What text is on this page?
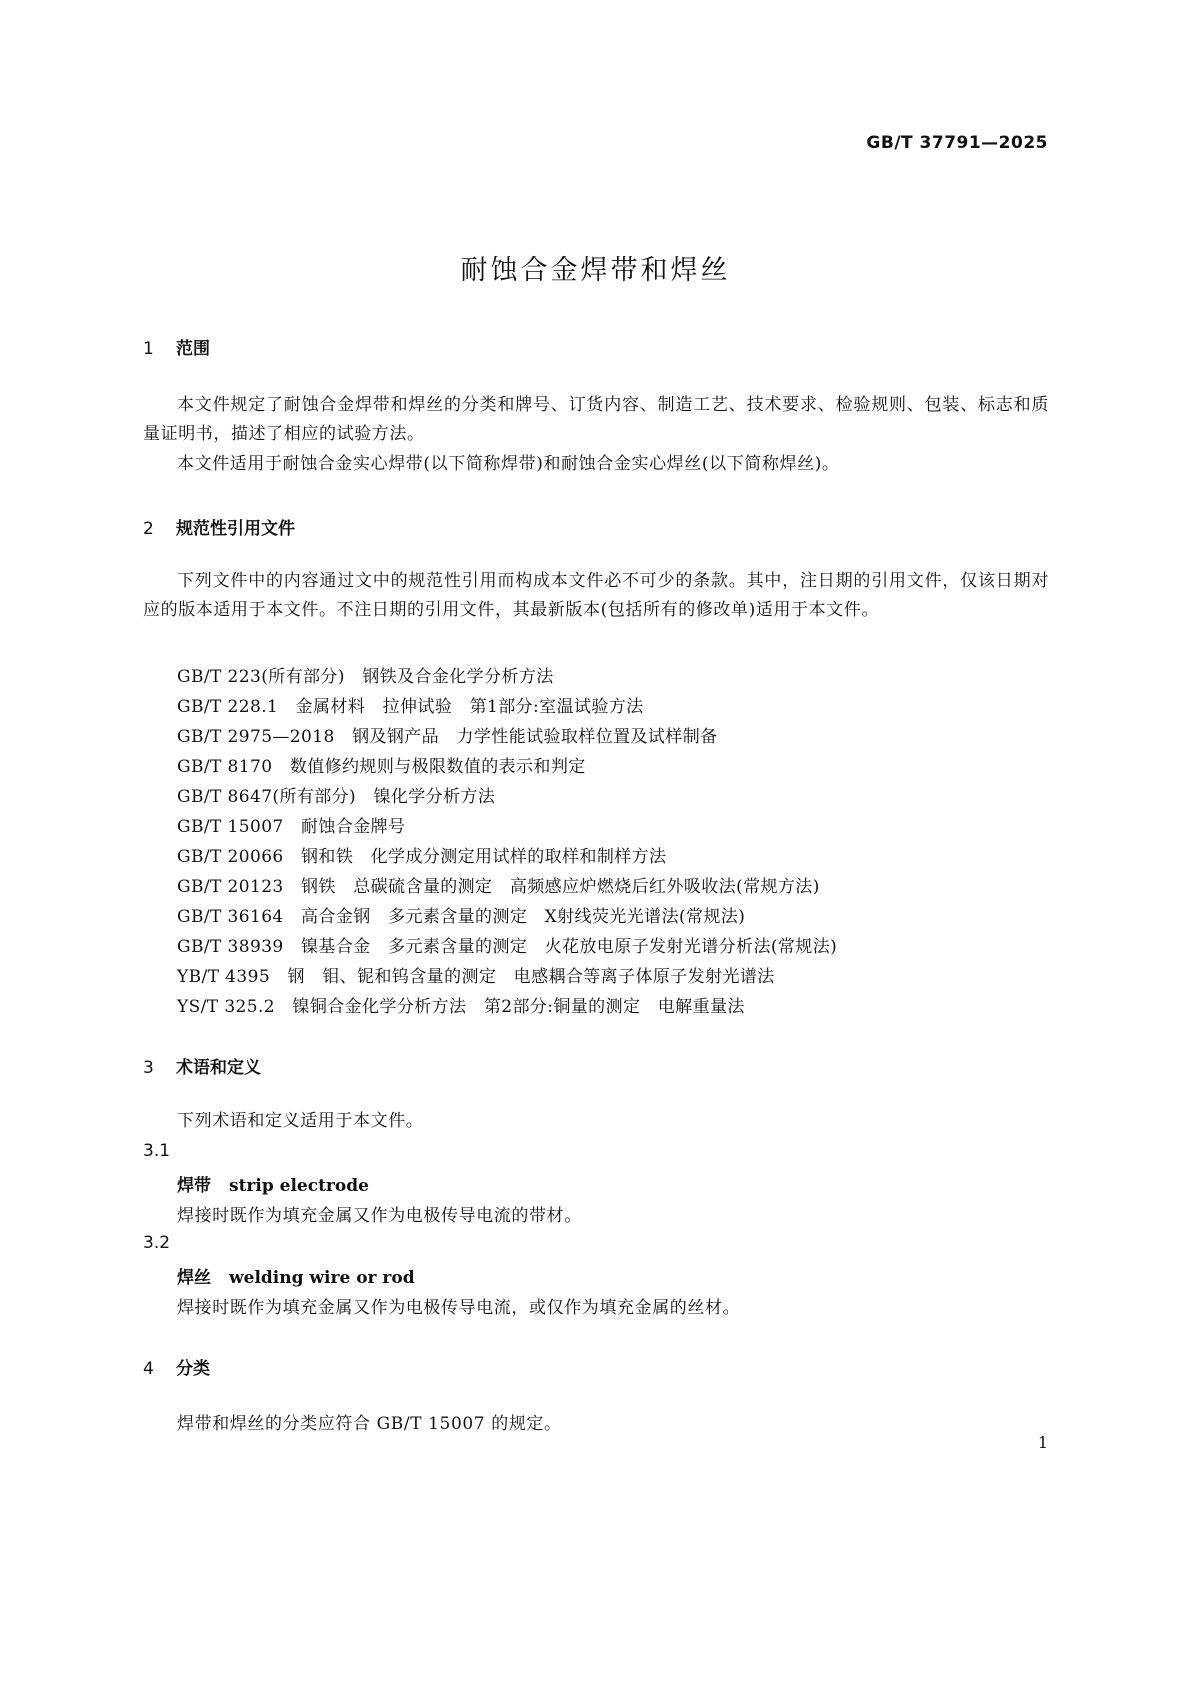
GB/T 37791—2025
耐蚀合金焊带和焊丝
1 范围

本文件规定了耐蚀合金焊带和焊丝的分类和牌号、订货内容、制造工艺、技术要求、检验规则、包装、标志和质量证明书，描述了相应的试验方法。

本文件适用于耐蚀合金实心焊带(以下简称焊带)和耐蚀合金实心焊丝(以下简称焊丝)。

2 规范性引用文件

下列文件中的内容通过文中的规范性引用而构成本文件必不可少的条款。其中，注日期的引用文件，仅该日期对应的版本适用于本文件。不注日期的引用文件，其最新版本(包括所有的修改单)适用于本文件。

GB/T 223(所有部分)   钢铁及合金化学分析方法
GB/T 228.1   金属材料   拉伸试验   第1部分:室温试验方法
GB/T 2975—2018   钢及钢产品   力学性能试验取样位置及试样制备
GB/T 8170   数值修约规则与极限数值的表示和判定
GB/T 8647(所有部分)   镍化学分析方法
GB/T 15007   耐蚀合金牌号
GB/T 20066   钢和铁   化学成分测定用试样的取样和制样方法
GB/T 20123   钢铁   总碳硫含量的测定   高频感应炉燃烧后红外吸收法(常规方法)
GB/T 36164   高合金钢   多元素含量的测定   X射线荧光光谱法(常规法)
GB/T 38939   镍基合金   多元素含量的测定   火花放电原子发射光谱分析法(常规法)
YB/T 4395   钢   钼、铌和钨含量的测定   电感耦合等离子体原子发射光谱法
YS/T 325.2   镍铜合金化学分析方法   第2部分:铜量的测定   电解重量法
3 术语和定义

下列术语和定义适用于本文件。

3.1
焊带 strip electrode
焊接时既作为填充金属又作为电极传导电流的带材。
3.2
焊丝 welding wire or rod
焊接时既作为填充金属又作为电极传导电流，或仅作为填充金属的丝材。
4 分类

焊带和焊丝的分类应符合 GB/T 15007 的规定。

1
